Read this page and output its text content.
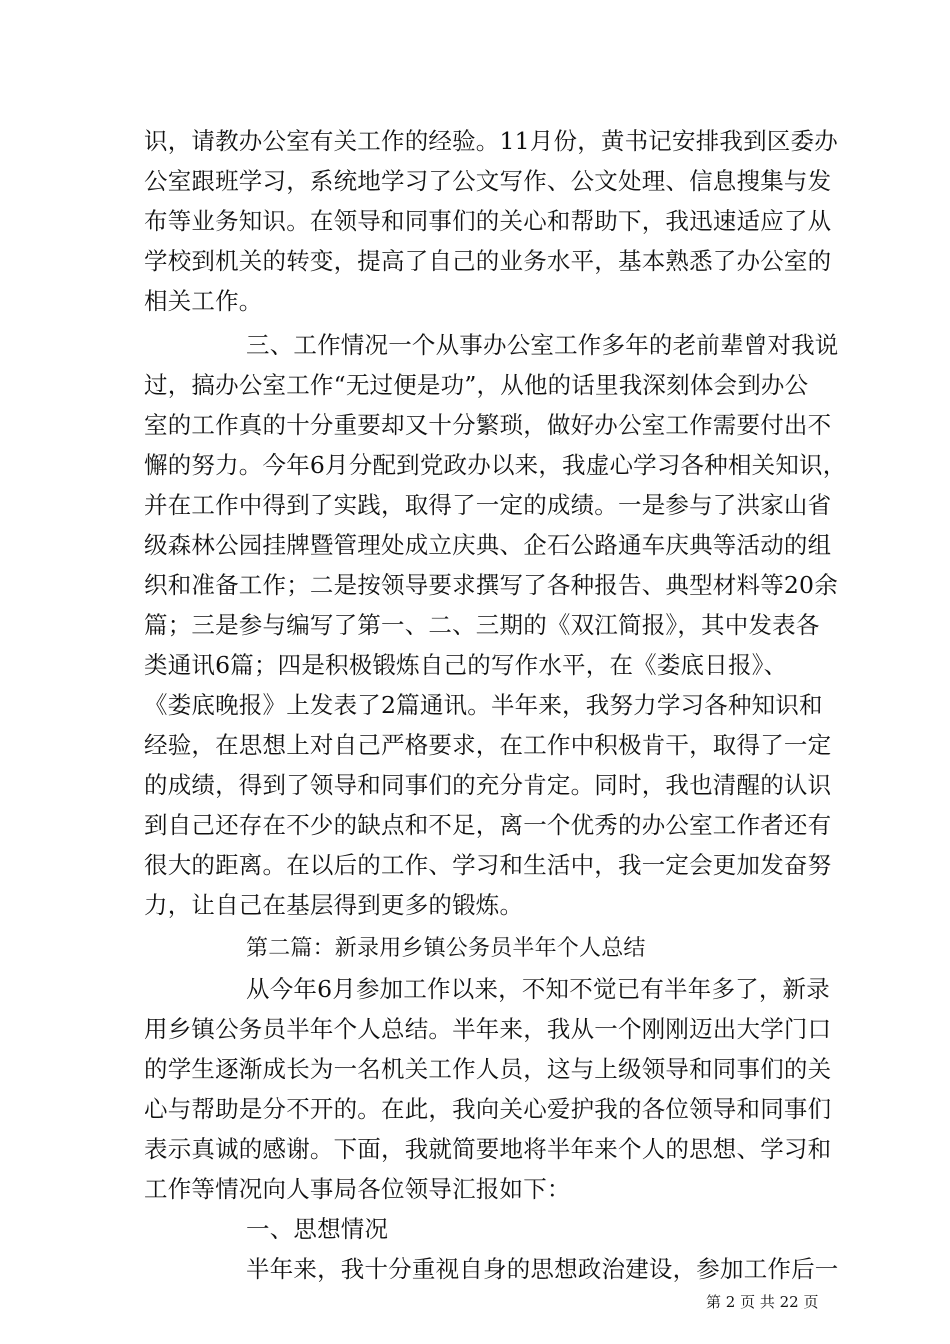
识，请教办公室有关工作的经验。11月份，黄书记安排我到区委办
公室跟班学习，系统地学习了公文写作、公文处理、信息搜集与发
布等业务知识。在领导和同事们的关心和帮助下，我迅速适应了从
学校到机关的转变，提高了自己的业务水平，基本熟悉了办公室的
相关工作。
三、工作情况一个从事办公室工作多年的老前辈曾对我说
过，搞办公室工作“无过便是功”，从他的话里我深刻体会到办公
室的工作真的十分重要却又十分繁琐，做好办公室工作需要付出不
懈的努力。今年6月分配到党政办以来，我虚心学习各种相关知识，
并在工作中得到了实践，取得了一定的成绩。一是参与了洪家山省
级森林公园挂牌暨管理处成立庆典、企石公路通车庆典等活动的组
织和准备工作；二是按领导要求撰写了各种报告、典型材料等20余
篇；三是参与编写了第一、二、三期的《双江简报》，其中发表各
类通讯6篇；四是积极锻炼自己的写作水平，在《娄底日报》、
《娄底晚报》上发表了2篇通讯。半年来，我努力学习各种知识和
经验，在思想上对自己严格要求，在工作中积极肯干，取得了一定
的成绩，得到了领导和同事们的充分肯定。同时，我也清醒的认识
到自己还存在不少的缺点和不足，离一个优秀的办公室工作者还有
很大的距离。在以后的工作、学习和生活中，我一定会更加发奋努
力，让自己在基层得到更多的锻炼。
第二篇：新录用乡镇公务员半年个人总结
从今年6月参加工作以来，不知不觉已有半年多了，新录
用乡镇公务员半年个人总结。半年来，我从一个刚刚迈出大学门口
的学生逐渐成长为一名机关工作人员，这与上级领导和同事们的关
心与帮助是分不开的。在此，我向关心爱护我的各位领导和同事们
表示真诚的感谢。下面，我就简要地将半年来个人的思想、学习和
工作等情况向人事局各位领导汇报如下：
一、思想情况
半年来，我十分重视自身的思想政治建设，参加工作后一
第 2 页 共 22 页
